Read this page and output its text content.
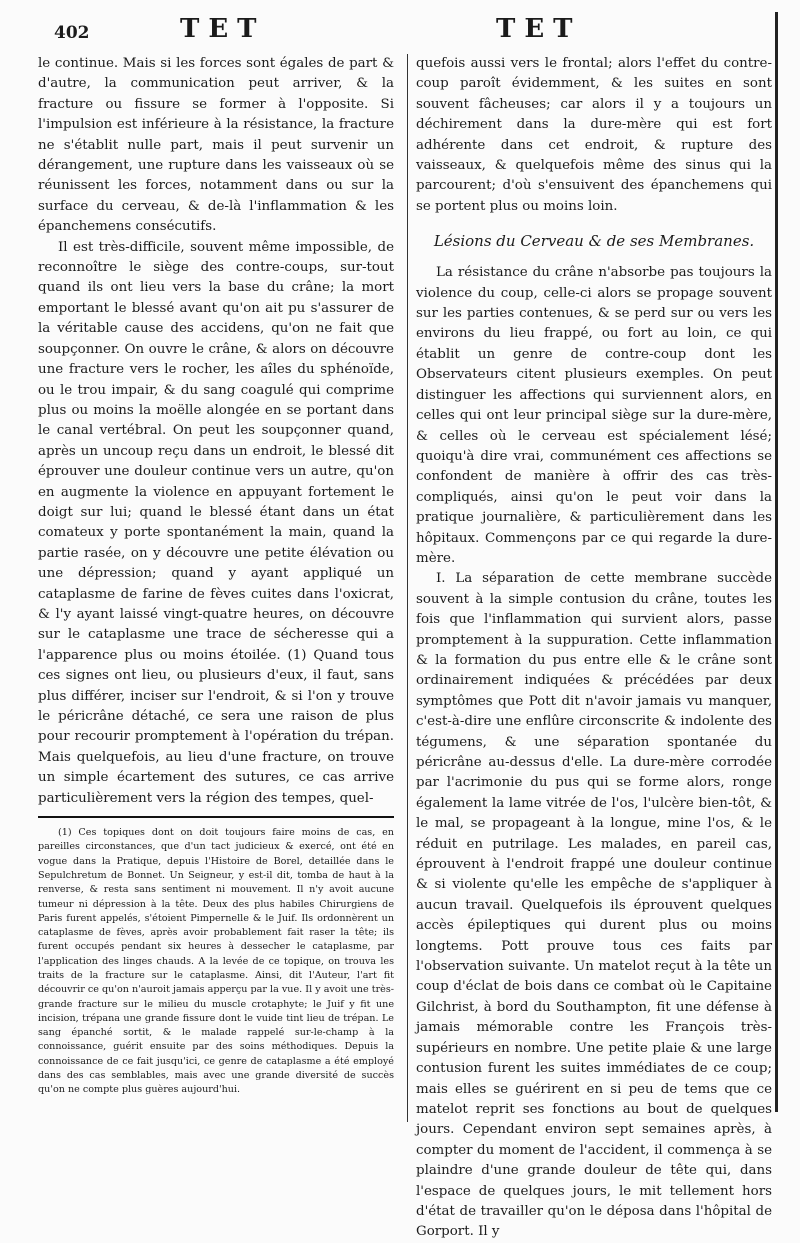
402	TET	TET

le continue. Mais si les forces sont égales de part & d'autre, la communication peut arriver, & la fracture ou fissure se former à l'opposite. Si l'impulsion est inférieure à la résistance, la fracture ne s'établit nulle part, mais il peut survenir un dérangement, une rupture dans les vaisseaux où se réunissent les forces, notamment dans ou sur la surface du cerveau, & de-là l'inflammation & les épanchemens consécutifs.

Il est très-difficile, souvent même impossible, de reconnoître le siège des contre-coups, sur-tout quand ils ont lieu vers la base du crâne; la mort emportant le blessé avant qu'on ait pu s'assurer de la véritable cause des accidens, qu'on ne fait que soupçonner. On ouvre le crâne, & alors on découvre une fracture vers le rocher, les aîles du sphénoïde, ou le trou impair, & du sang coagulé qui comprime plus ou moins la moëlle alongée en se portant dans le canal vertébral. On peut les soupçonner quand, après un uncoup reçu dans un endroit, le blessé dit éprouver une douleur continue vers un autre, qu'on en augmente la violence en appuyant fortement le doigt sur lui; quand le blessé étant dans un état comateux y porte spontanément la main, quand la partie rasée, on y découvre une petite élévation ou une dépression; quand y ayant appliqué un cataplasme de farine de fèves cuites dans l'oxicrat, & l'y ayant laissé vingt-quatre heures, on découvre sur le cataplasme une trace de sécheresse qui a l'apparence plus ou moins étoilée. (1) Quand tous ces signes ont lieu, ou plusieurs d'eux, il faut, sans plus différer, inciser sur l'endroit, & si l'on y trouve le péricrâne détaché, ce sera une raison de plus pour recourir promptement à l'opération du trépan. Mais quelquefois, au lieu d'une fracture, on trouve un simple écartement des sutures, ce cas arrive particulièrement vers la région des tempes, quel-

(1) Ces topiques dont on doit toujours faire moins de cas, en pareilles circonstances, que d'un tact judicieux & exercé, ont été en vogue dans la Pratique, depuis l'Histoire de Borel, detaillée dans le Sepulchretum de Bonnet. Un Seigneur, y est-il dit, tomba de haut à la renverse, & resta sans sentiment ni mouvement. Il n'y avoit aucune tumeur ni dépression à la tête. Deux des plus habiles Chirurgiens de Paris furent appelés, s'étoient Pimpernelle & le Juif. Ils ordonnèrent un cataplasme de fèves, après avoir probablement fait raser la tête; ils furent occupés pendant six heures à dessecher le cataplasme, par l'application des linges chauds. A la levée de ce topique, on trouva les traits de la fracture sur le cataplasme. Ainsi, dit l'Auteur, l'art fit découvrir ce qu'on n'auroit jamais apperçu par la vue. Il y avoit une très-grande fracture sur le milieu du muscle crotaphyte; le Juif y fit une incision, trépana une grande fissure dont le vuide tint lieu de trépan. Le sang épanché sortit, & le malade rappelé sur-le-champ à la connoissance, guérit ensuite par des soins méthodiques. Depuis la connoissance de ce fait jusqu'ici, ce genre de cataplasme a été employé dans des cas semblables, mais avec une grande diversité de succès qu'on ne compte plus guères aujourd'hui.

quefois aussi vers le frontal; alors l'effet du contre-coup paroît évidemment, & les suites en sont souvent fâcheuses; car alors il y a toujours un déchirement dans la dure-mère qui est fort adhérente dans cet endroit, & rupture des vaisseaux, & quelquefois même des sinus qui la parcourent; d'où s'ensuivent des épanchemens qui se portent plus ou moins loin.

Lésions du Cerveau & de ses Membranes.

La résistance du crâne n'absorbe pas toujours la violence du coup, celle-ci alors se propage souvent sur les parties contenues, & se perd sur ou vers les environs du lieu frappé, ou fort au loin, ce qui établit un genre de contre-coup dont les Observateurs citent plusieurs exemples. On peut distinguer les affections qui surviennent alors, en celles qui ont leur principal siège sur la dure-mère, & celles où le cerveau est spécialement lésé; quoiqu'à dire vrai, communément ces affections se confondent de manière à offrir des cas très-compliqués, ainsi qu'on le peut voir dans la pratique journalière, & particulièrement dans les hôpitaux. Commençons par ce qui regarde la dure-mère.

I. La séparation de cette membrane succède souvent à la simple contusion du crâne, toutes les fois que l'inflammation qui survient alors, passe promptement à la suppuration. Cette inflammation & la formation du pus entre elle & le crâne sont ordinairement indiquées & précédées par deux symptômes que Pott dit n'avoir jamais vu manquer, c'est-à-dire une enflûre circonscrite & indolente des tégumens, & une séparation spontanée du péricrâne au-dessus d'elle. La dure-mère corrodée par l'acrimonie du pus qui se forme alors, ronge également la lame vitrée de l'os, l'ulcère bien-tôt, & le mal, se propageant à la longue, mine l'os, & le réduit en putrilage. Les malades, en pareil cas, éprouvent à l'endroit frappé une douleur continue & si violente qu'elle les empêche de s'appliquer à aucun travail. Quelquefois ils éprouvent quelques accès épileptiques qui durent plus ou moins longtems. Pott prouve tous ces faits par l'observation suivante. Un matelot reçut à la tête un coup d'éclat de bois dans ce combat où le Capitaine Gilchrist, à bord du Southampton, fit une défense à jamais mémorable contre les François très-supérieurs en nombre. Une petite plaie & une large contusion furent les suites immédiates de ce coup; mais elles se guérirent en si peu de tems que ce matelot reprit ses fonctions au bout de quelques jours. Cependant environ sept semaines après, à compter du moment de l'accident, il commença à se plaindre d'une grande douleur de tête qui, dans l'espace de quelques jours, le mit tellement hors d'état de travailler qu'on le déposa dans l'hôpital de Gorport. Il y
